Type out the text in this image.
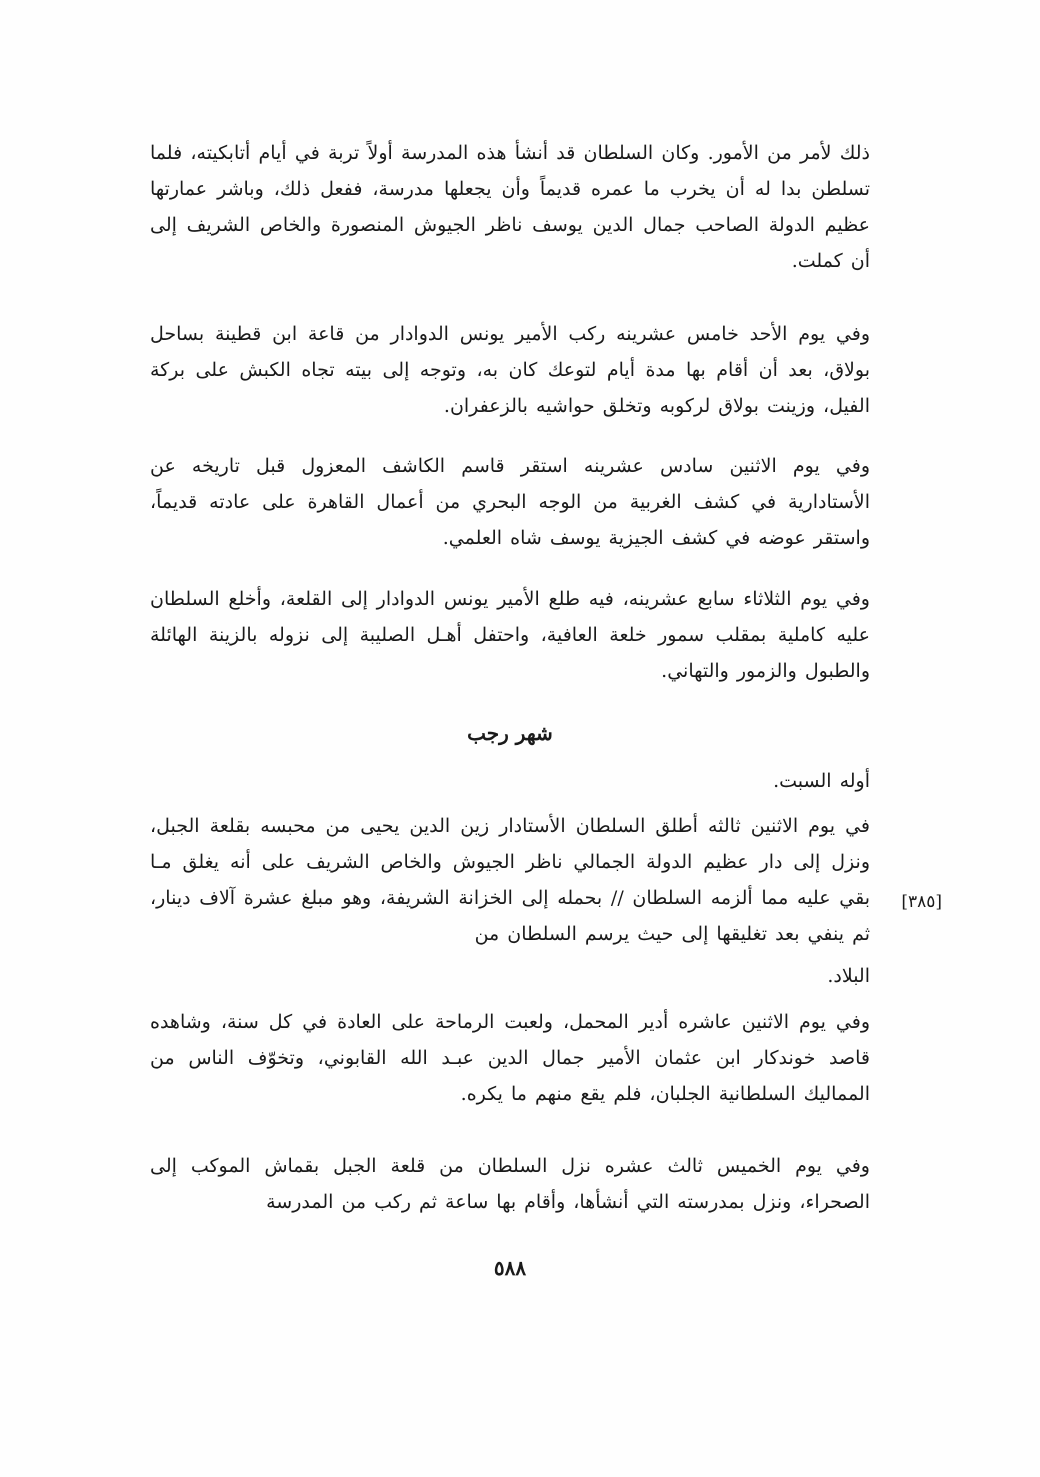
ذلك لأمر من الأمور. وكان السلطان قد أنشأ هذه المدرسة أولاً تربة في أيام أتابكيته، فلما تسلطن بدا له أن يخرب ما عمره قديماً وأن يجعلها مدرسة، ففعل ذلك، وباشر عمارتها عظيم الدولة الصاحب جمال الدين يوسف ناظر الجيوش المنصورة والخاص الشريف إلى أن كملت.

وفي يوم الأحد خامس عشرينه ركب الأمير يونس الدوادار من قاعة ابن قطينة بساحل بولاق، بعد أن أقام بها مدة أيام لتوعك كان به، وتوجه إلى بيته تجاه الكبش على بركة الفيل، وزينت بولاق لركوبه وتخلق حواشيه بالزعفران.

وفي يوم الاثنين سادس عشرينه استقر قاسم الكاشف المعزول قبل تاريخه عن الأستادارية في كشف الغربية من الوجه البحري من أعمال القاهرة على عادته قديماً، واستقر عوضه في كشف الجيزية يوسف شاه العلمي.

وفي يوم الثلاثاء سابع عشرينه، فيه طلع الأمير يونس الدوادار إلى القلعة، وأخلع السلطان عليه كاملية بمقلب سمور خلعة العافية، واحتفل أهـل الصليبة إلى نزوله بالزينة الهائلة والطبول والزمور والتهاني.

شهر رجب

أوله السبت.

في يوم الاثنين ثالثه أطلق السلطان الأستادار زين الدين يحيى من محبسه بقلعة الجبل، ونزل إلى دار عظيم الدولة الجمالي ناظر الجيوش والخاص الشريف على أنه يغلق مـا بقي عليه مما ألزمه السلطان // بحمله إلى الخزانة الشريفة، وهو مبلغ عشرة آلاف دينار، ثم ينفي بعد تغليقها إلى حيث يرسم السلطان من

[٣٨٥]

البلاد.

وفي يوم الاثنين عاشره أدير المحمل، ولعبت الرماحة على العادة في كل سنة، وشاهده قاصد خوندكار ابن عثمان الأمير جمال الدين عبـد الله القابوني، وتخوّف الناس من المماليك السلطانية الجلبان، فلم يقع منهم ما يكره.

وفي يوم الخميس ثالث عشره نزل السلطان من قلعة الجبل بقماش الموكب إلى الصحراء، ونزل بمدرسته التي أنشأها، وأقام بها ساعة ثم ركب من المدرسة

٥٨٨
